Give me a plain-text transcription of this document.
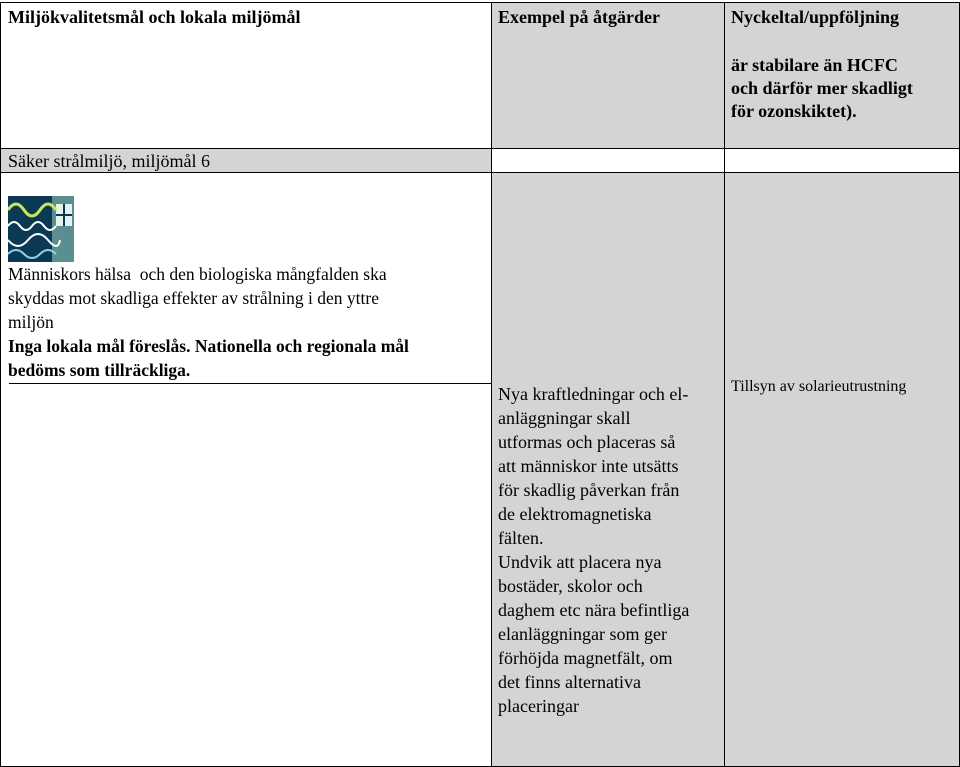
Miljökvalitetsmål och lokala miljömål	Exempel på åtgärder	Nyckeltal/uppföljning
är stabilare än HCFC
och därför mer skadligt
för ozonskiktet).
Säker strålmiljö, miljömål 6
Människors hälsa  och den biologiska mångfalden ska
skyddas mot skadliga effekter av strålning i den yttre
miljön
Inga lokala mål föreslås. Nationella och regionala mål
bedöms som tillräckliga.
Nya kraftledningar och el-
anläggningar skall
utformas och placeras så
att människor inte utsätts
för skadlig påverkan från
de elektromagnetiska
fälten.
Undvik att placera nya
bostäder, skolor och
daghem etc nära befintliga
elanläggningar som ger
förhöjda magnetfält, om
det finns alternativa
placeringar
Tillsyn av solarieutrustning
